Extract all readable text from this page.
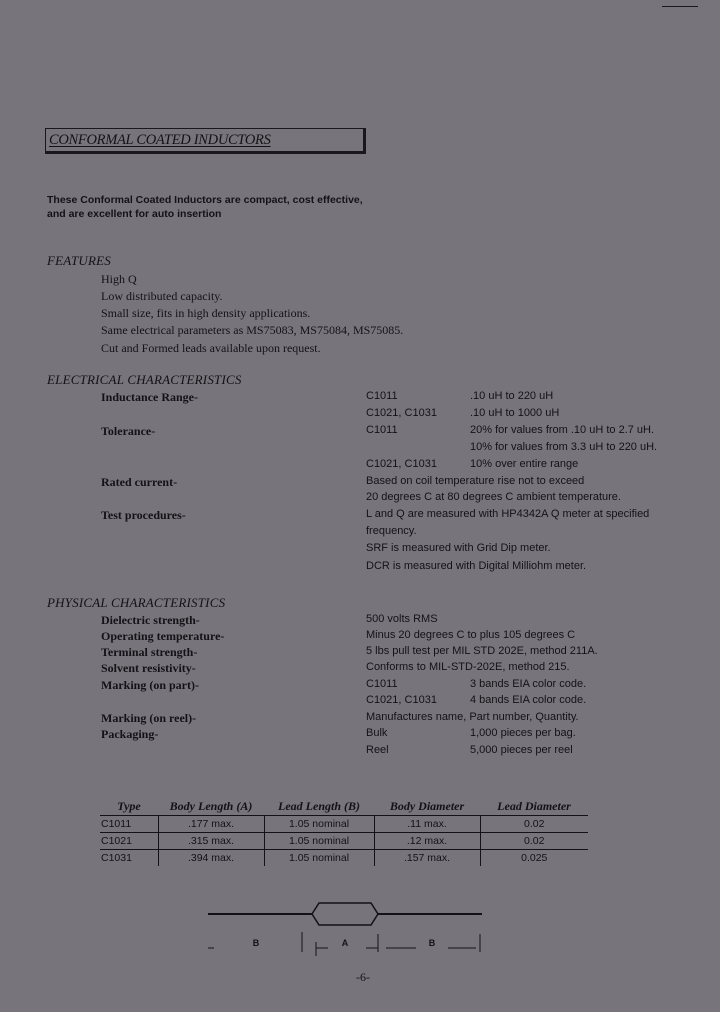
CONFORMAL COATED INDUCTORS
These Conformal Coated Inductors are compact, cost effective,
and are excellent for auto insertion
FEATURES
High Q
Low distributed capacity.
Small size, fits in high density applications.
Same electrical parameters as MS75083, MS75084, MS75085.
Cut and Formed leads available upon request.
ELECTRICAL CHARACTERISTICS
Inductance Range-	C1011	.10 uH to 220 uH
C1021, C1031	.10 uH to 1000 uH
Tolerance-	C1011	20% for values from .10 uH to 2.7 uH.
10% for values from 3.3 uH to 220 uH.
C1021, C1031	10% over entire range
Rated current-	Based on coil temperature rise not to exceed
20 degrees C at 80 degrees C ambient temperature.
Test procedures-	L and Q are measured with HP4342A Q meter at specified
frequency.
SRF is measured with Grid Dip meter.
DCR is measured with Digital Milliohm meter.
PHYSICAL CHARACTERISTICS
Dielectric strength-	500 volts RMS
Operating temperature-	Minus 20 degrees C to plus 105 degrees C
Terminal strength-	5 lbs pull test per MIL STD 202E, method 211A.
Solvent resistivity-	Conforms to MIL-STD-202E, method 215.
Marking (on part)-	C1011	3 bands EIA color code.
C1021, C1031	4 bands EIA color code.
Marking (on reel)-	Manufactures name, Part number, Quantity.
Packaging-	Bulk	1,000 pieces per bag.
Reel	5,000 pieces per reel
Type	Body Length (A)	Lead Length (B)	Body Diameter	Lead Diameter
C1011	.177 max.	1.05 nominal	.11 max.	0.02
C1021	.315 max.	1.05 nominal	.12 max.	0.02
C1031	.394 max.	1.05 nominal	.157 max.	0.025
B	A	B
-6-
